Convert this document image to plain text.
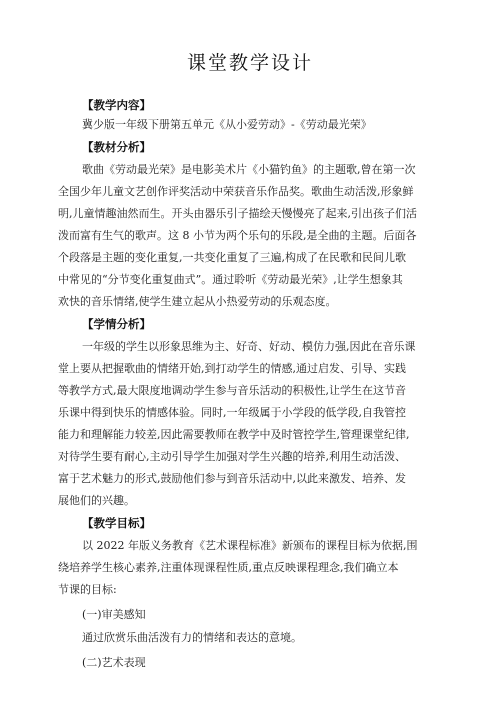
课堂教学设计
【教学内容】
冀少版一年级下册第五单元《从小爱劳动》-《劳动最光荣》
【教材分析】
歌曲《劳动最光荣》是电影美术片《小猫钓鱼》的主题歌,曾在第一次
全国少年儿童文艺创作评奖活动中荣获音乐作品奖。歌曲生动活泼,形象鲜
明,儿童情趣油然而生。开头由器乐引子描绘天慢慢亮了起来,引出孩子们活
泼而富有生气的歌声。这 8 小节为两个乐句的乐段,是全曲的主题。后面各
个段落是主题的变化重复,一共变化重复了三遍,构成了在民歌和民间儿歌
中常见的“分节变化重复曲式”。通过聆听《劳动最光荣》,让学生想象其
欢快的音乐情绪,使学生建立起从小热爱劳动的乐观态度。
【学情分析】
一年级的学生以形象思维为主、好奇、好动、模仿力强,因此在音乐课
堂上要从把握歌曲的情绪开始,到打动学生的情感,通过启发、引导、实践
等教学方式,最大限度地调动学生参与音乐活动的积极性,让学生在这节音
乐课中得到快乐的情感体验。同时,一年级属于小学段的低学段,自我管控
能力和理解能力较差,因此需要教师在教学中及时管控学生,管理课堂纪律,
对待学生要有耐心,主动引导学生加强对学生兴趣的培养,利用生动活泼、
富于艺术魅力的形式,鼓励他们参与到音乐活动中,以此来激发、培养、发
展他们的兴趣。
【教学目标】
以 2022 年版义务教育《艺术课程标准》新颁布的课程目标为依据,围
绕培养学生核心素养,注重体现课程性质,重点反映课程理念,我们确立本
节课的目标:
(一)审美感知
通过欣赏乐曲活泼有力的情绪和表达的意境。
(二)艺术表现
